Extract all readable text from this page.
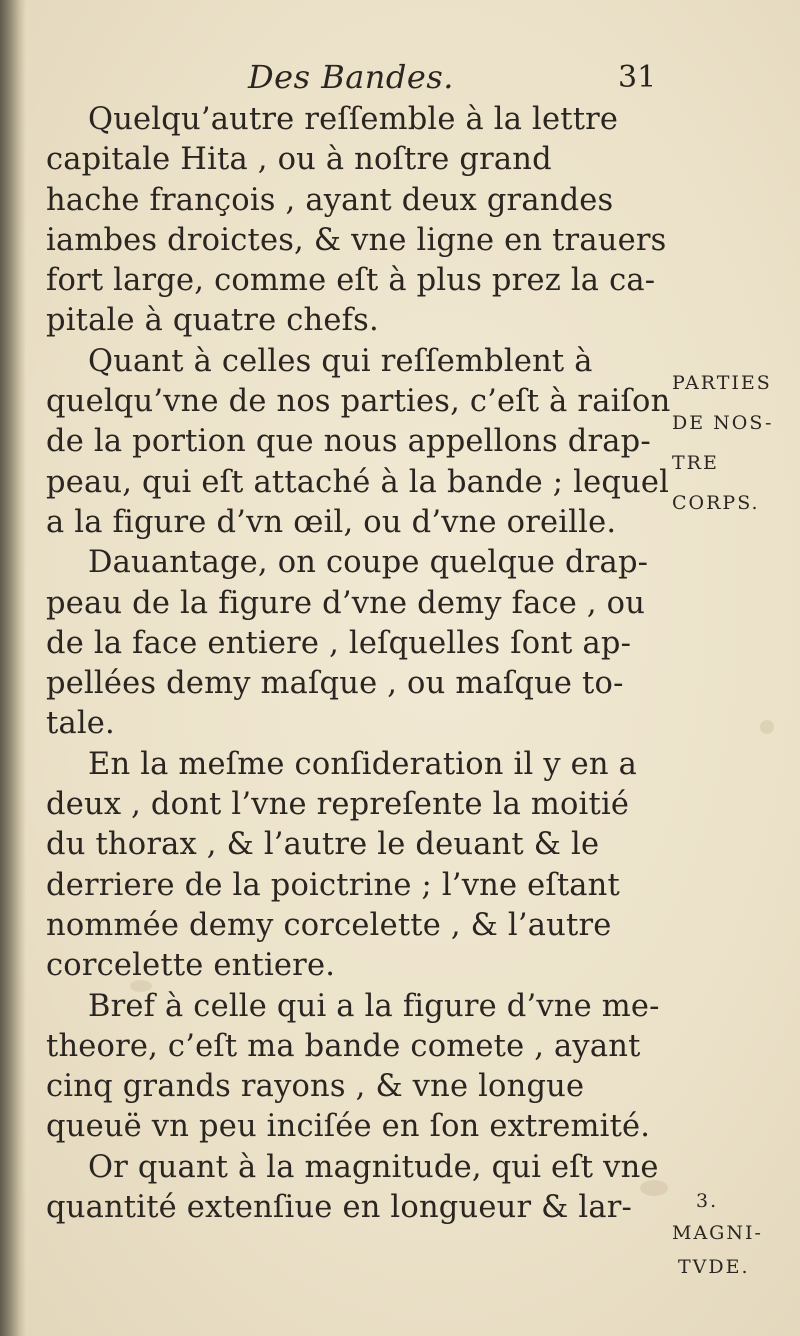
Des Bandes.	31
Quelqu’autre reſſemble à la lettre
capitale Hita , ou à noſtre grand
hache françois , ayant deux grandes
iambes droictes, & vne ligne en trauers
fort large, comme eſt à plus prez la ca-
pitale à quatre chefs.
Quant à celles qui reſſemblent à
quelqu’vne de nos parties, c’eſt à raiſon
de la portion que nous appellons drap-
peau, qui eſt attaché à la bande ; lequel
a la figure d’vn œil, ou d’vne oreille.
Dauantage, on coupe quelque drap-
peau de la figure d’vne demy face , ou
de la face entiere , leſquelles ſont ap-
pellées demy maſque , ou maſque to-
tale.
En la meſme conſideration il y en a
deux , dont l’vne repreſente la moitié
du thorax , & l’autre le deuant & le
derriere de la poictrine ; l’vne eſtant
nommée demy corcelette , & l’autre
corcelette entiere.
Bref à celle qui a la figure d’vne me-
theore, c’eſt ma bande comete , ayant
cinq grands rayons , & vne longue
queuë vn peu inciſée en ſon extremité.
Or quant à la magnitude, qui eſt vne
quantité extenſiue en longueur & lar-
PARTIES
DE NOS-
TRE
CORPS.
3.
MAGNI-
TVDE.
